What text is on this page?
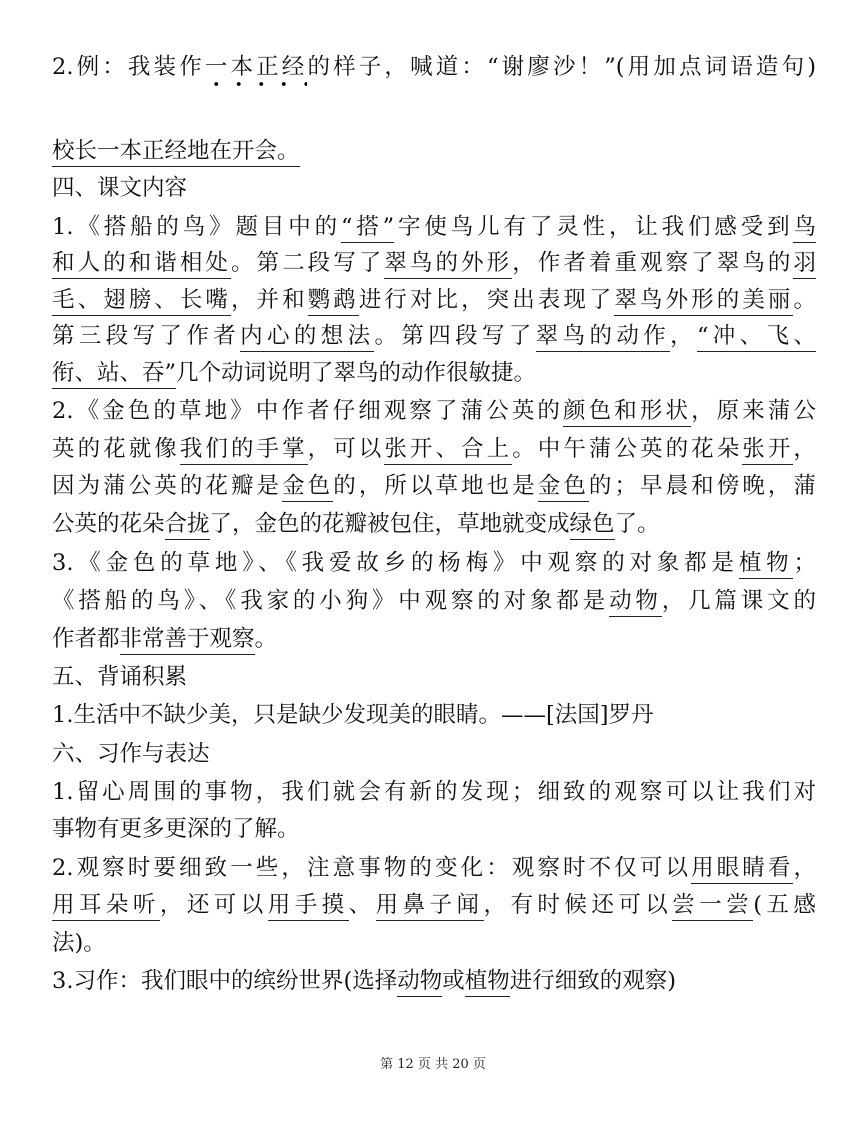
2.例：我装作一本正经的样子，喊道：“谢廖沙！”(用加点词语造句)
校长一本正经地在开会。
四、课文内容
1.《搭船的鸟》题目中的“搭”字使鸟儿有了灵性，让我们感受到鸟
和人的和谐相处。第二段写了翠鸟的外形，作者着重观察了翠鸟的羽
毛、翅膀、长嘴，并和鹦鹉进行对比，突出表现了翠鸟外形的美丽。
第三段写了作者内心的想法。第四段写了翠鸟的动作，“冲、飞、
衔、站、吞”几个动词说明了翠鸟的动作很敏捷。
2.《金色的草地》中作者仔细观察了蒲公英的颜色和形状，原来蒲公
英的花就像我们的手掌，可以张开、合上。中午蒲公英的花朵张开，
因为蒲公英的花瓣是金色的，所以草地也是金色的；早晨和傍晚，蒲
公英的花朵合拢了，金色的花瓣被包住，草地就变成绿色了。
3.《金色的草地》、《我爱故乡的杨梅》中观察的对象都是植物；
《搭船的鸟》、《我家的小狗》中观察的对象都是动物，几篇课文的
作者都非常善于观察。
五、背诵积累
1.生活中不缺少美，只是缺少发现美的眼睛。——[法国]罗丹
六、习作与表达
1.留心周围的事物，我们就会有新的发现；细致的观察可以让我们对
事物有更多更深的了解。
2.观察时要细致一些，注意事物的变化：观察时不仅可以用眼睛看，
用耳朵听，还可以用手摸、用鼻子闻，有时候还可以尝一尝(五感
法)。
3.习作：我们眼中的缤纷世界(选择动物或植物进行细致的观察)
第 12 页 共 20 页
